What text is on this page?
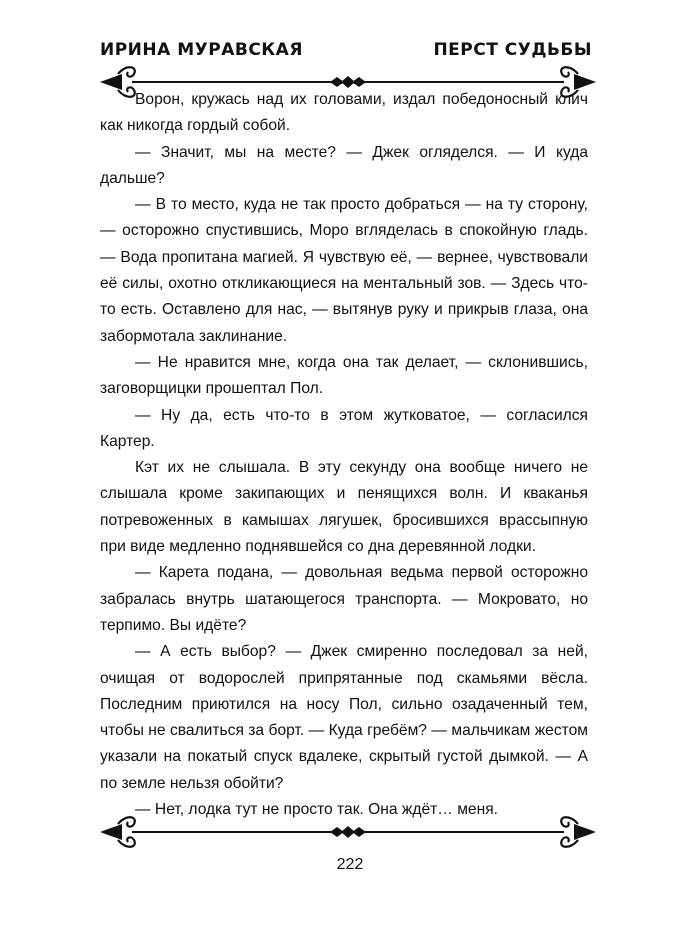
ИРИНА МУРАВСКАЯ	ПЕРСТ СУДЬБЫ

Ворон, кружась над их головами, издал победоносный клич как никогда гордый собой.

— Значит, мы на месте? — Джек огляделся. — И куда дальше?

— В то место, куда не так просто добраться — на ту сторону, — осторожно спустившись, Моро вглядeлась в спокойную гладь. — Вода пропитана магией. Я чувствую её, — вернее, чувствовали её силы, охотно откликающиеся на ментальный зов. — Здесь что-то есть. Оставлено для нас, — вытянув руку и прикрыв глаза, она забормотала заклинание.

— Не нравится мне, когда она так делает, — склонившись, заговорщицки прошептал Пол.

— Ну да, есть что-то в этом жутковатое, — согласился Картер.

Кэт их не слышала. В эту секунду она вообще ничего не слышала кроме закипающих и пенящихся волн. И кваканья потревоженных в камышах лягушек, бросившихся врассыпную при виде медленно поднявшейся со дна деревянной лодки.

— Карета подана, — довольная ведьма первой осторожно забралась внутрь шатающегося транспорта. — Мокровато, но терпимо. Вы идёте?

— А есть выбор? — Джек смиренно последовал за ней, очищая от водорослей припрятанные под скамьями вёсла. Последним приютился на носу Пол, сильно озадаченный тем, чтобы не свалиться за борт. — Куда гребём? — мальчикам жестом указали на покатый спуск вдалеке, скрытый густой дымкой. — А по земле нельзя обойти?

— Нет, лодка тут не просто так. Она ждёт… меня.

222
